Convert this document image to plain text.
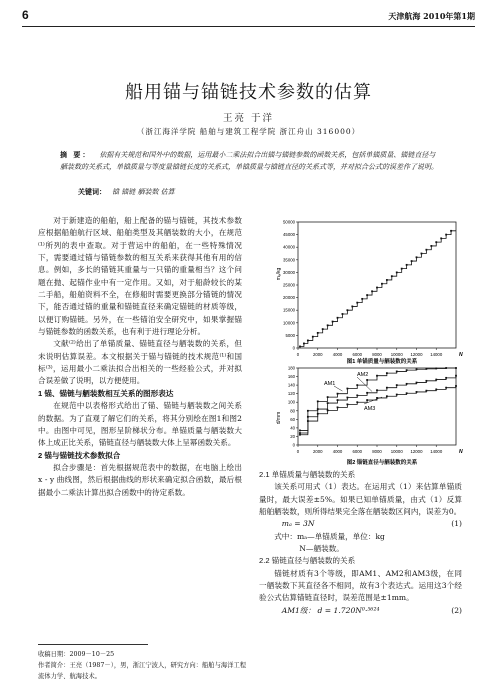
6	天津航海 2010年第1期
船用锚与锚链技术参数的估算
王亮 于洋
（浙江海洋学院 船舶与建筑工程学院 浙江舟山 316000）
摘 要： 依据有关规范和国外中的数据，运用最小二乘法拟合出锚与锚链参数的函数关系，包括单锚质量、锚链直径与舾装数的关系式，单锚质量与等度量锚链长度的关系式，单锚质量与锚链直径的关系式等，并对拟合公式的误差作了说明。
关键词： 锚 锚链 舾装数 估算

对于新建造的船舶，船上配备的锚与锚链，其技术参数应根据船舶航行区域、船舶类型及其舾装数的大小，在规范⁽¹⁾所列的表中查取。对于营运中的船舶，在一些特殊情况下，需要通过锚与锚链参数的相互关系来获得其他有用的信息。例如，多长的锚链其重量与一只锚的重量相当？这个问题在抛、起锚作业中有一定作用。又如，对于船龄较长的某二手船，船舶资料不全，在修船时需要更换部分锚链的情况下，能否通过锚的重量和锚链直径来确定锚链的材质等级，以便订购锚链。另外，在一些锚泊安全研究中，如果掌握锚与锚链参数的函数关系，也有利于进行理论分析。

文献⁽²⁾给出了单锚质量、锚链直径与舾装数的关系，但未说明估算误差。本文根据关于锚与锚链的技术规范⁽¹⁾和国标⁽³⁾，运用最小二乘法拟合出相关的一些经验公式，并对拟合误差做了说明，以方便使用。

1 锚、锚链与舾装数相互关系的图形表达

在规范中以表格形式给出了锚、锚链与舾装数之间关系的数据。为了直观了解它们的关系，将其分别绘在图1和图2中。由图中可见，图形呈阶梯状分布。单锚质量与舾装数大体上成正比关系，锚链直径与舾装数大体上呈幂函数关系。

2 锚与锚链技术参数拟合

拟合步骤是：首先根据规范表中的数据，在电脑上绘出 x - y 曲线图，然后根据曲线的形状来确定拟合函数，最后根据最小二乘法计算出拟合函数中的待定系数。

收稿日期：2009－10－25
作者简介：王亮（1987－），男，浙江宁波人，研究方向：船舶与海洋工程流体力学、航海技术。
0	2000 4000 6000 8000 10000 12000 14000	N
0
5000
10000
15000
20000
25000
30000
35000
40000
45000
50000
0	2000 4000 6000 8000 10000 12000 14000	N
0
20
40
60
80
100
120
140
160
180
AM1
AM2
AM3
图1 单锚质量与舾装数的关系
图2 锚链直径与舾装数的关系
mₐ/kg
d/mm

2.1 单锚质量与舾装数的关系

该关系可用式（1）表达。在运用式（1）来估算单锚质量时，最大误差±5%。如果已知单锚质量，由式（1）反算船舶舾装数，则所得结果完全落在舾装数区间内，误差为0。

mₐ = 3N	(1)

式中：mₐ—单锚质量，单位：kg

N—舾装数。

2.2 锚链直径与舾装数的关系

锚链材质有3个等级，即AM1、AM2和AM3级，在同一舾装数下其直径各不相同，故有3个表达式。运用这3个经验公式估算锚链直径时，误差范围是±1mm。

AM1级： d = 1.720N⁰·⁵⁶²⁴	(2)
